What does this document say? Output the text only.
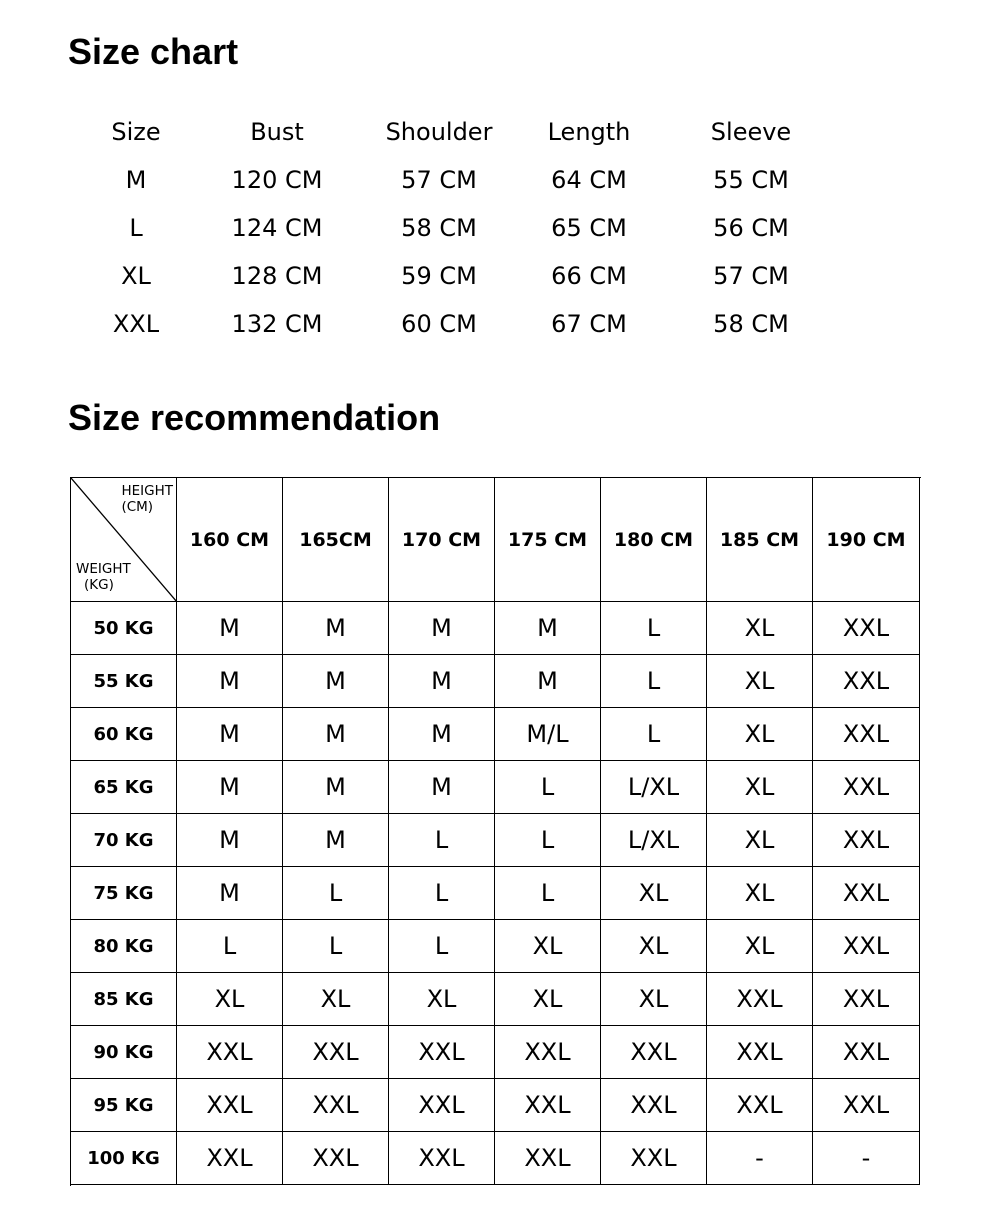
Size chart
Size	Bust	Shoulder	Length	Sleeve
M	120 CM	57 CM	64 CM	55 CM
L	124 CM	58 CM	65 CM	56 CM
XL	128 CM	59 CM	66 CM	57 CM
XXL	132 CM	60 CM	67 CM	58 CM
Size recommendation
HEIGHT
(CM)
WEIGHT
(KG)
160 CM	165CM	170 CM	175 CM	180 CM	185 CM	190 CM
50 KG	M	M	M	M	L	XL	XXL
55 KG	M	M	M	M	L	XL	XXL
60 KG	M	M	M	M/L	L	XL	XXL
65 KG	M	M	M	L	L/XL	XL	XXL
70 KG	M	M	L	L	L/XL	XL	XXL
75 KG	M	L	L	L	XL	XL	XXL
80 KG	L	L	L	XL	XL	XL	XXL
85 KG	XL	XL	XL	XL	XL	XXL	XXL
90 KG	XXL	XXL	XXL	XXL	XXL	XXL	XXL
95 KG	XXL	XXL	XXL	XXL	XXL	XXL	XXL
100 KG	XXL	XXL	XXL	XXL	XXL	-	-
